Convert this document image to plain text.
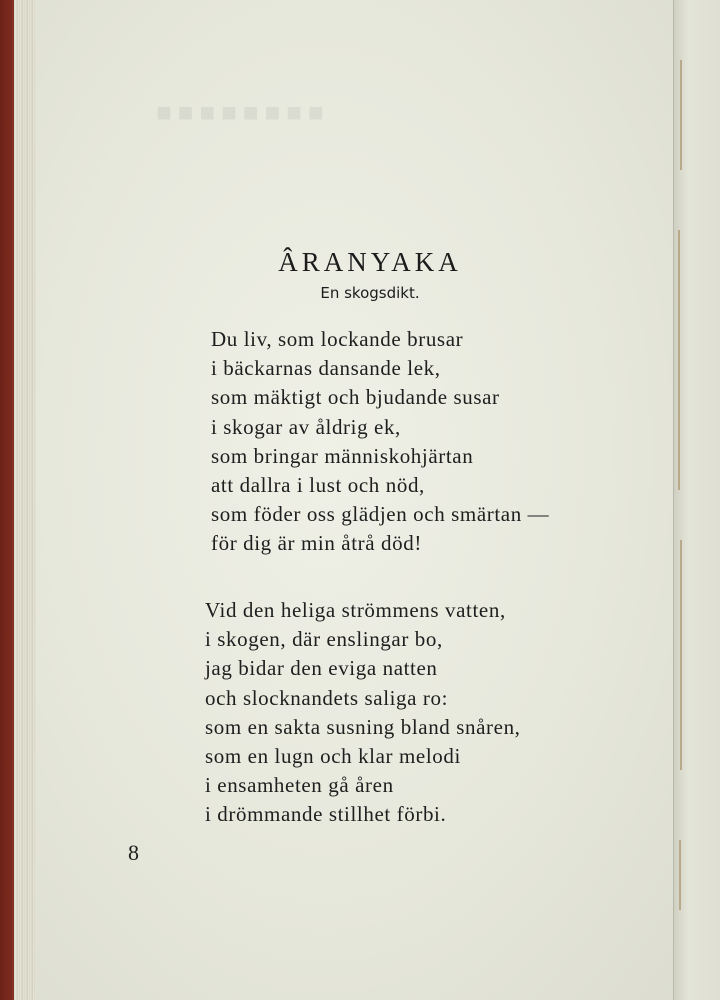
ÂRANYAKA
En skogsdikt.
Du liv, som lockande brusar
i bäckarnas dansande lek,
som mäktigt och bjudande susar
i skogar av åldrig ek,
som bringar människohjärtan
att dallra i lust och nöd,
som föder oss glädjen och smärtan —
för dig är min åtrå död!
Vid den heliga strömmens vatten,
i skogen, där enslingar bo,
jag bidar den eviga natten
och slocknandets saliga ro:
som en sakta susning bland snåren,
som en lugn och klar melodi
i ensamheten gå åren
i drömmande stillhet förbi.
8
